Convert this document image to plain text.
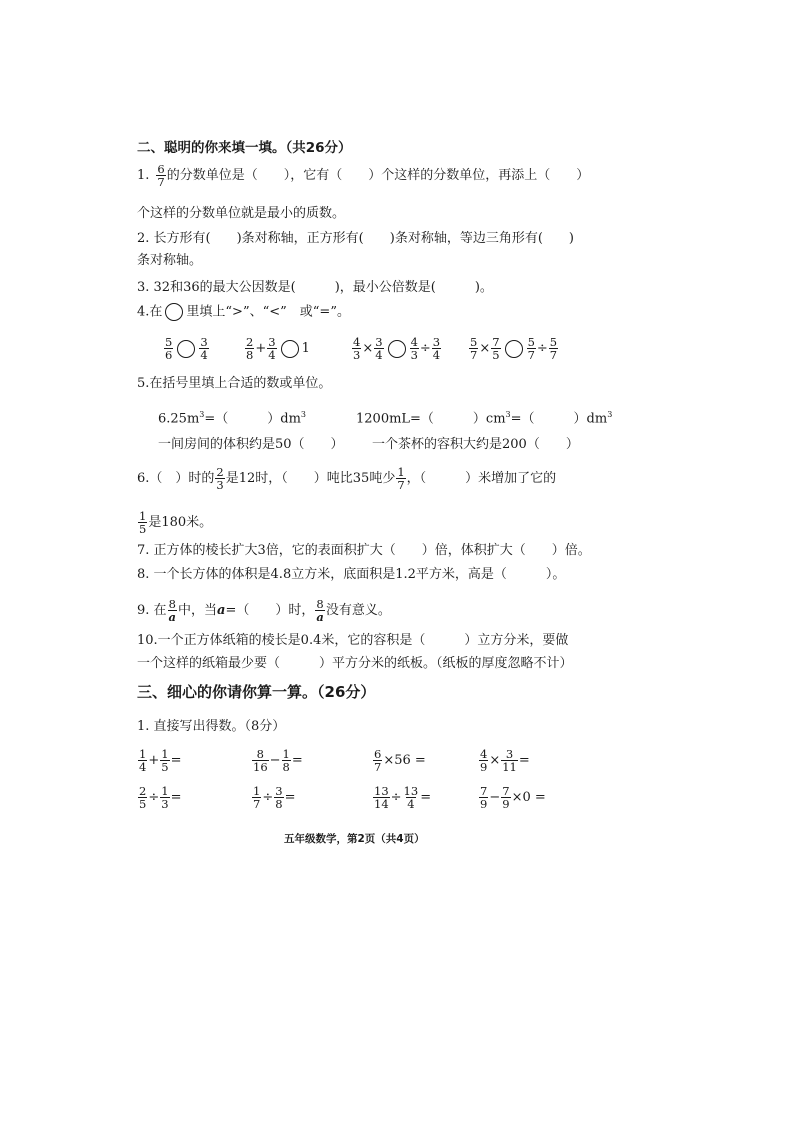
二、聪明的你来填一填。（共26分）
1. $\frac{6}{7}$ 的分数单位是（　　），它有（　　）个这样的分数单位，再添上（　　）
个这样的分数单位就是最小的质数。
2. 长方形有(　　)条对称轴，正方形有(　　)条对称轴，等边三角形有(　　)
条对称轴。
3. 32和36的最大公因数是(　　　)，最小公倍数是(　　　)。
4.在 里填上“>”、“<”　或“=”。
$\frac{5}{6} \frac{3}{4}$	$\frac{2}{8} + \frac{3}{4} 1$	$\frac{4}{3} \times \frac{3}{4} \frac{4}{3} \div \frac{3}{4} \frac{5}{7} \times \frac{7}{5} \frac{5}{7} \div \frac{5}{7}$
5.在括号里填上合适的数或单位。
$6.25m^3=$（　　　）$dm^3$	1200mL=（　　　）$cm^3=$（　　　）$dm^3$
一间房间的体积约是50（　　） 一个茶杯的容积大约是200（　　）
6.（　）时的 $\frac{2}{3}$ 是12时，（　　）吨比35吨少 $\frac{1}{7}$ ，（　　　）米增加了它的
$\frac{1}{5}$ 是180米。
7. 正方体的棱长扩大3倍，它的表面积扩大（　　）倍，体积扩大（　　）倍。
8. 一个长方体的体积是4.8立方米，底面积是1.2平方米，高是（　　　）。
9. 在 $\frac{8}{a}$ 中，当a=（　　）时， $\frac{8}{a}$ 没有意义。
10.一个正方体纸箱的棱长是0.4米，它的容积是（　　　）立方分米，要做
一个这样的纸箱最少要（　　　）平方分米的纸板。（纸板的厚度忽略不计）
三、细心的你请你算一算。（26分）
1. 直接写出得数。（8分）
$\frac{1}{4} + \frac{1}{5}$ =	$\frac{8}{16} - \frac{1}{8}$ =	$\frac{6}{7} \times 56$ =	$\frac{4}{9} \times \frac{3}{11}$ =
$\frac{2}{5} \div \frac{1}{3}$ =	$\frac{1}{7} \div \frac{3}{8}$ =	$\frac{13}{14} \div \frac{13}{4}$ =	$\frac{7}{9} - \frac{7}{9} \times 0$ =
五年级数学，第2页（共4页）
